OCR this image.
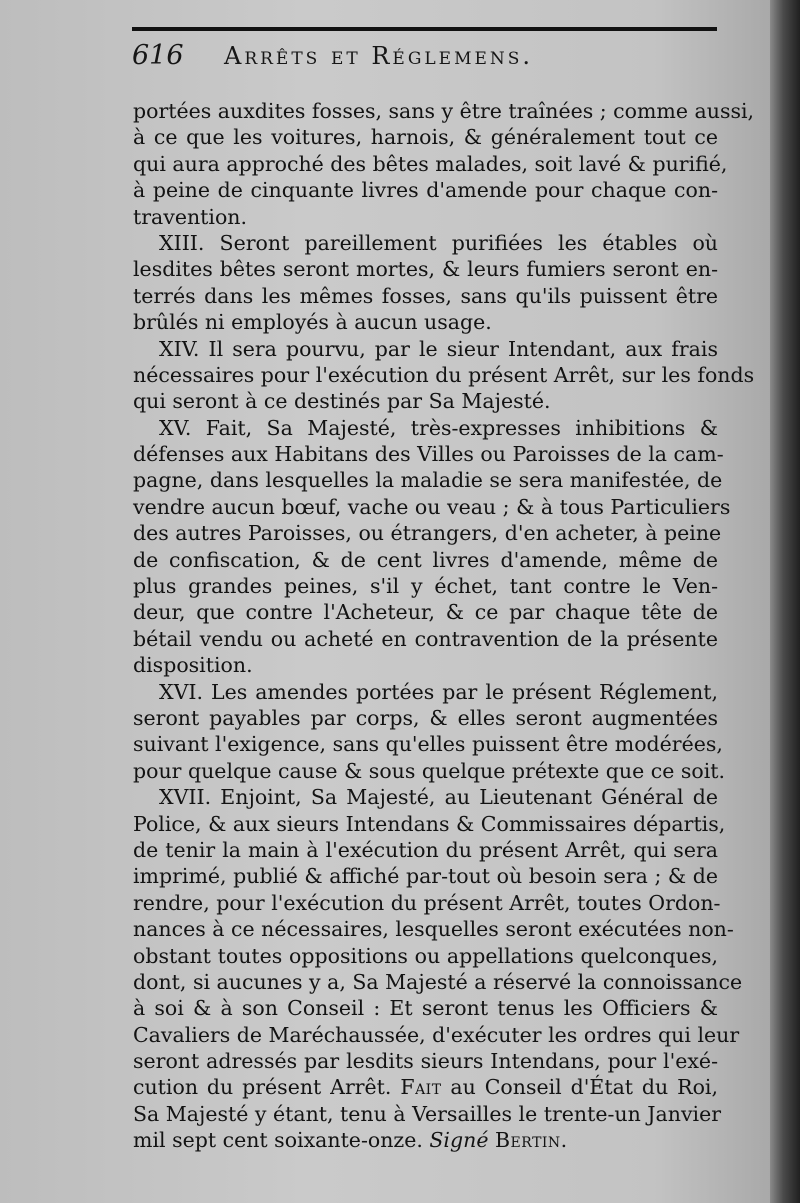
616 Arrêts et Réglemens.
portées auxdites fosses, sans y être traînées ; comme aussi,
à ce que les voitures, harnois, & généralement tout ce
qui aura approché des bêtes malades, soit lavé & purifié,
à peine de cinquante livres d'amende pour chaque con-
travention.
XIII. Seront pareillement purifiées les étables où
lesdites bêtes seront mortes, & leurs fumiers seront en-
terrés dans les mêmes fosses, sans qu'ils puissent être
brûlés ni employés à aucun usage.
XIV. Il sera pourvu, par le sieur Intendant, aux frais
nécessaires pour l'exécution du présent Arrêt, sur les fonds
qui seront à ce destinés par Sa Majesté.
XV. Fait, Sa Majesté, très-expresses inhibitions &
défenses aux Habitans des Villes ou Paroisses de la cam-
pagne, dans lesquelles la maladie se sera manifestée, de
vendre aucun bœuf, vache ou veau ; & à tous Particuliers
des autres Paroisses, ou étrangers, d'en acheter, à peine
de confiscation, & de cent livres d'amende, même de
plus grandes peines, s'il y échet, tant contre le Ven-
deur, que contre l'Acheteur, & ce par chaque tête de
bétail vendu ou acheté en contravention de la présente
disposition.
XVI. Les amendes portées par le présent Réglement,
seront payables par corps, & elles seront augmentées
suivant l'exigence, sans qu'elles puissent être modérées,
pour quelque cause & sous quelque prétexte que ce soit.
XVII. Enjoint, Sa Majesté, au Lieutenant Général de
Police, & aux sieurs Intendans & Commissaires départis,
de tenir la main à l'exécution du présent Arrêt, qui sera
imprimé, publié & affiché par-tout où besoin sera ; & de
rendre, pour l'exécution du présent Arrêt, toutes Ordon-
nances à ce nécessaires, lesquelles seront exécutées non-
obstant toutes oppositions ou appellations quelconques,
dont, si aucunes y a, Sa Majesté a réservé la connoissance
à soi & à son Conseil : Et seront tenus les Officiers &
Cavaliers de Maréchaussée, d'exécuter les ordres qui leur
seront adressés par lesdits sieurs Intendans, pour l'exé-
cution du présent Arrêt. Fait au Conseil d'État du Roi,
Sa Majesté y étant, tenu à Versailles le trente-un Janvier
mil sept cent soixante-onze. Signé Bertin.
